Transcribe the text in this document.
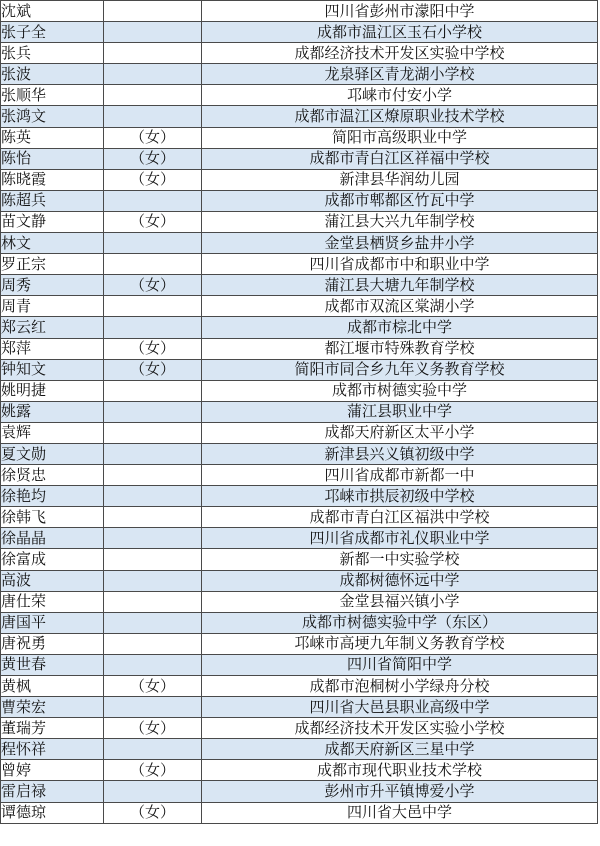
沈斌		四川省彭州市濛阳中学
张子全		成都市温江区玉石小学校
张兵		成都经济技术开发区实验中学校
张波		龙泉驿区青龙湖小学校
张顺华		邛崃市付安小学
张鸿文		成都市温江区燎原职业技术学校
陈英	（女）	简阳市高级职业中学
陈怡	（女）	成都市青白江区祥福中学校
陈晓霞	（女）	新津县华润幼儿园
陈超兵		成都市郫都区竹瓦中学
苗文静	（女）	蒲江县大兴九年制学校
林文		金堂县栖贤乡盐井小学
罗正宗		四川省成都市中和职业中学
周秀	（女）	蒲江县大塘九年制学校
周青		成都市双流区棠湖小学
郑云红		成都市棕北中学
郑萍	（女）	都江堰市特殊教育学校
钟知文	（女）	简阳市同合乡九年义务教育学校
姚明捷		成都市树德实验中学
姚露		蒲江县职业中学
袁辉		成都天府新区太平小学
夏文勋		新津县兴义镇初级中学
徐贤忠		四川省成都市新都一中
徐艳均		邛崃市拱辰初级中学校
徐韩飞		成都市青白江区福洪中学校
徐晶晶		四川省成都市礼仪职业中学
徐富成		新都一中实验学校
高波		成都树德怀远中学
唐仕荣		金堂县福兴镇小学
唐国平		成都市树德实验中学（东区）
唐祝勇		邛崃市高埂九年制义务教育学校
黄世春		四川省简阳中学
黄枫	（女）	成都市泡桐树小学绿舟分校
曹荣宏		四川省大邑县职业高级中学
董瑞芳	（女）	成都经济技术开发区实验小学校
程怀祥		成都天府新区三星中学
曾婷	（女）	成都市现代职业技术学校
雷启禄		彭州市升平镇博爱小学
谭德琼	（女）	四川省大邑中学
